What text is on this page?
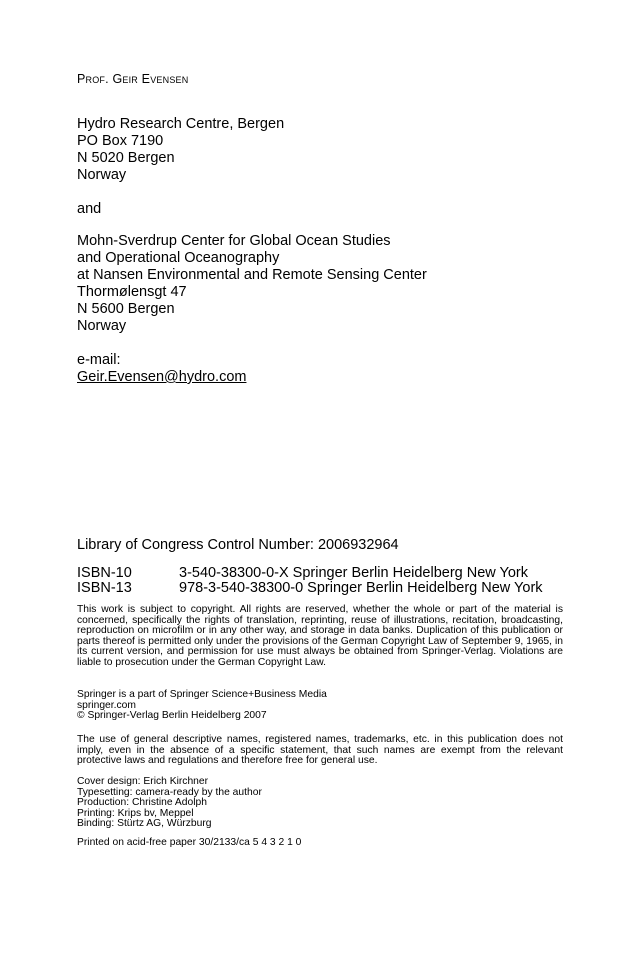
Prof. Geir Evensen
Hydro Research Centre, Bergen
PO Box 7190
N 5020 Bergen
Norway
and
Mohn-Sverdrup Center for Global Ocean Studies
and Operational Oceanography
at Nansen Environmental and Remote Sensing Center
Thormølensgt 47
N 5600 Bergen
Norway
e-mail:
Geir.Evensen@hydro.com
Library of Congress Control Number: 2006932964
ISBN-10	3-540-38300-0-X Springer Berlin Heidelberg New York
ISBN-13	978-3-540-38300-0 Springer Berlin Heidelberg New York
This work is subject to copyright. All rights are reserved, whether the whole or part of the material is concerned, specifically the rights of translation, reprinting, reuse of illustrations, recitation, broadcasting, reproduction on microfilm or in any other way, and storage in data banks. Duplication of this publication or parts thereof is permitted only under the provisions of the German Copyright Law of September 9, 1965, in its current version, and permission for use must always be obtained from Springer-Verlag. Violations are liable to prosecution under the German Copyright Law.
Springer is a part of Springer Science+Business Media
springer.com
© Springer-Verlag Berlin Heidelberg 2007
The use of general descriptive names, registered names, trademarks, etc. in this publication does not imply, even in the absence of a specific statement, that such names are exempt from the relevant protective laws and regulations and therefore free for general use.
Cover design: Erich Kirchner
Typesetting: camera-ready by the author
Production: Christine Adolph
Printing: Krips bv, Meppel
Binding: Stürtz AG, Würzburg
Printed on acid-free paper 30/2133/ca 5 4 3 2 1 0
